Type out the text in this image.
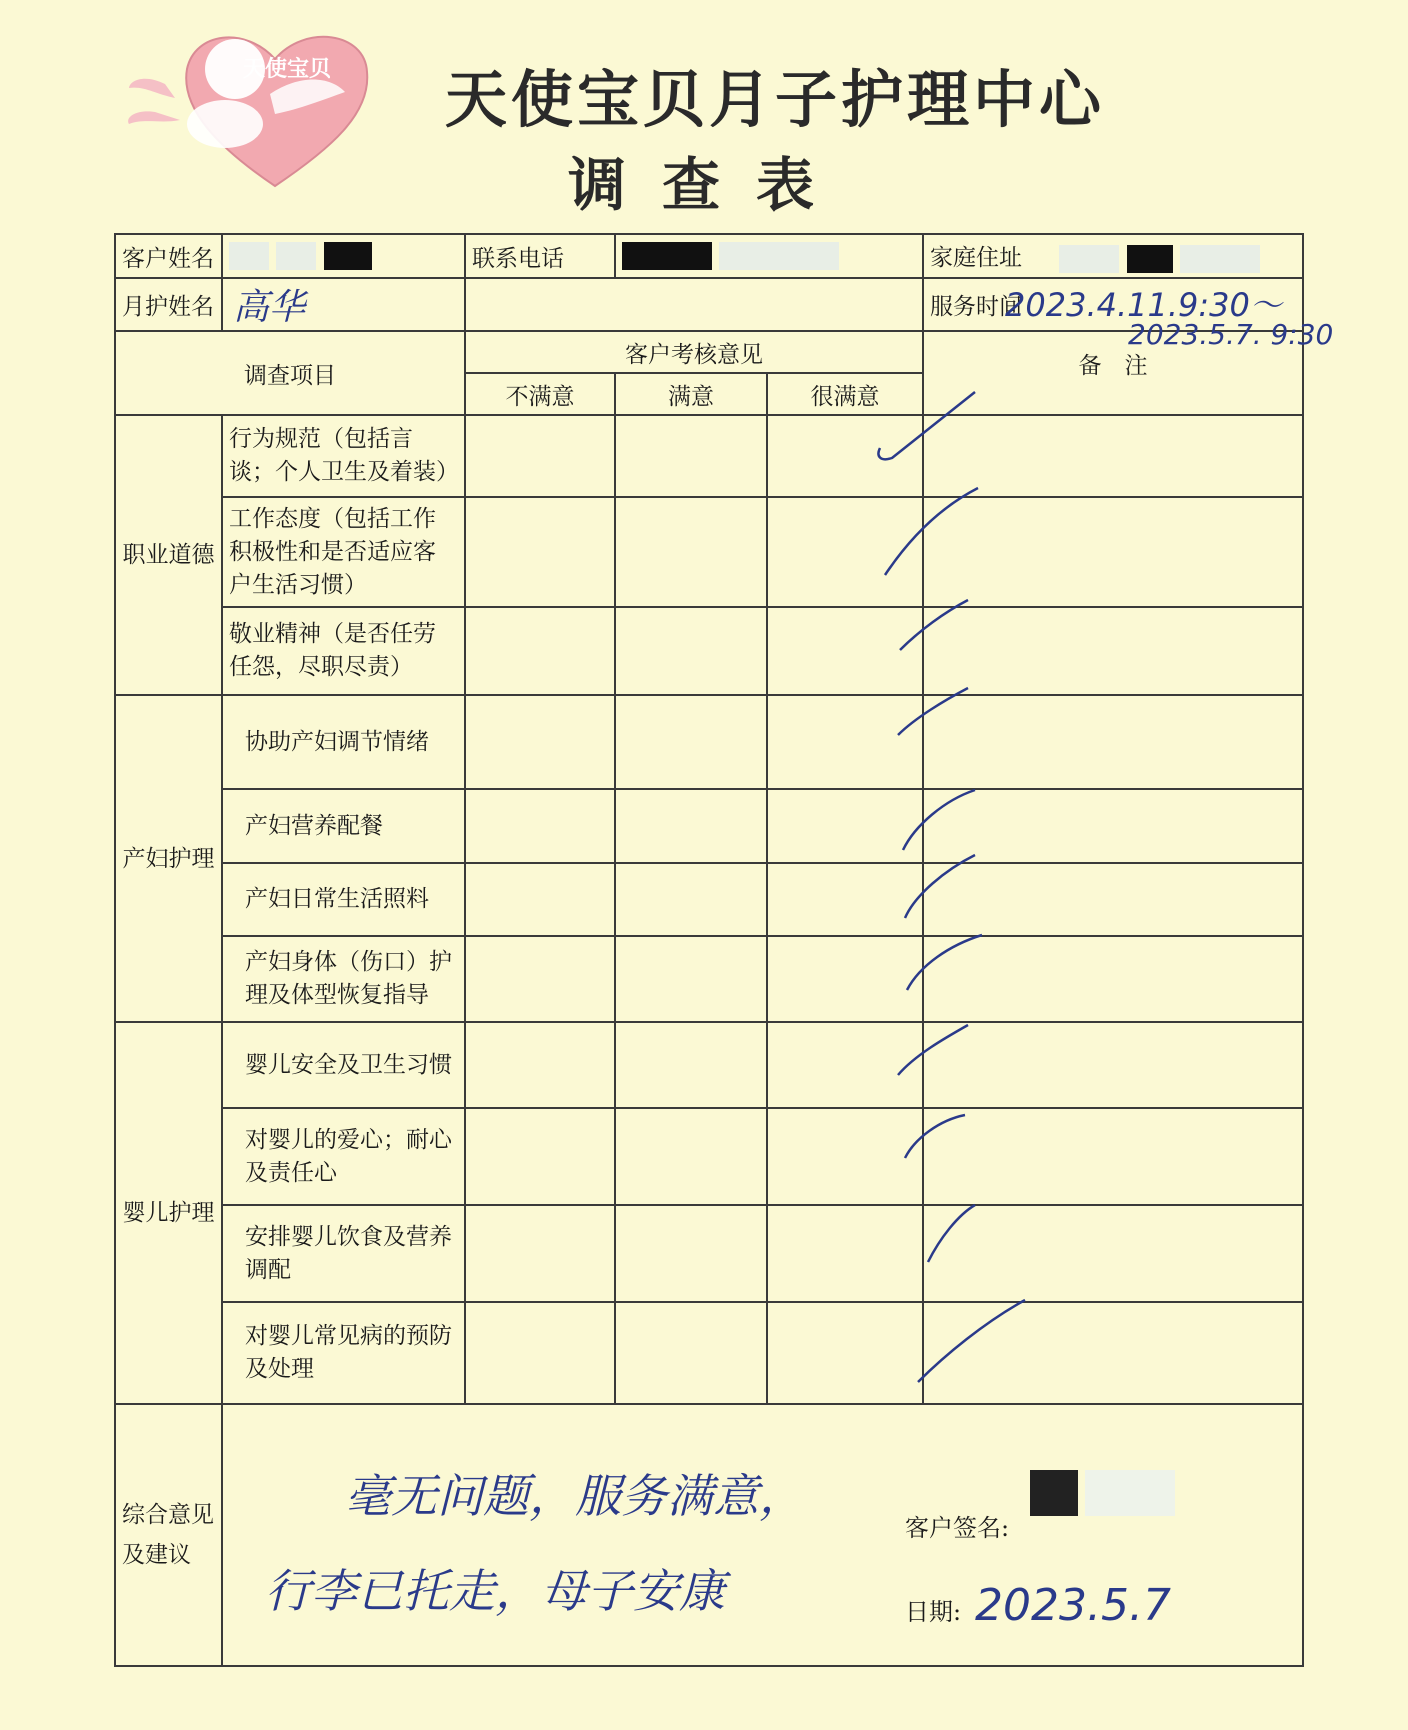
天使宝贝 天使宝贝月子护理中心
调查表
客户姓名		联系电话			家庭住址
月护姓名	高华				服务时间
调查项目		客户考核意见			备　注
		不满意	满意	很满意	
职业道德	行为规范（包括言谈；个人卫生及着装）				
	工作态度（包括工作积极性和是否适应客户生活习惯）				
	敬业精神（是否任劳任怨，尽职尽责）				
产妇护理	协助产妇调节情绪				
	产妇营养配餐				
	产妇日常生活照料				
	产妇身体（伤口）护理及体型恢复指导				
婴儿护理	婴儿安全及卫生习惯				
	对婴儿的爱心；耐心及责任心				
	安排婴儿饮食及营养调配				
	对婴儿常见病的预防及处理				
综合意见及建议					
2023.4.11.9:30～
2023.5.7. 9:30
毫无问题，服务满意，
行李已托走，母子安康
客户签名:
日期: 2023.5.7
